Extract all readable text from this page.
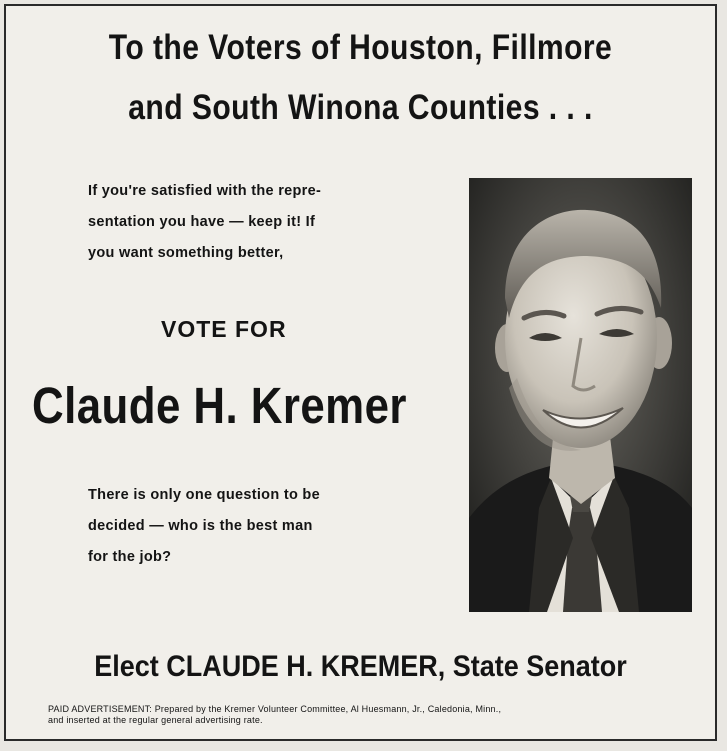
To the Voters of Houston, Fillmore
and South Winona Counties . . .
If you're satisfied with the repre-
sentation you have — keep it! If
you want something better,
VOTE FOR
Claude H. Kremer
There is only one question to be
decided — who is the best man
for the job?
Elect CLAUDE H. KREMER, State Senator
PAID ADVERTISEMENT: Prepared by the Kremer Volunteer Committee, Al Huesmann, Jr., Caledonia, Minn.,
and inserted at the regular general advertising rate.
